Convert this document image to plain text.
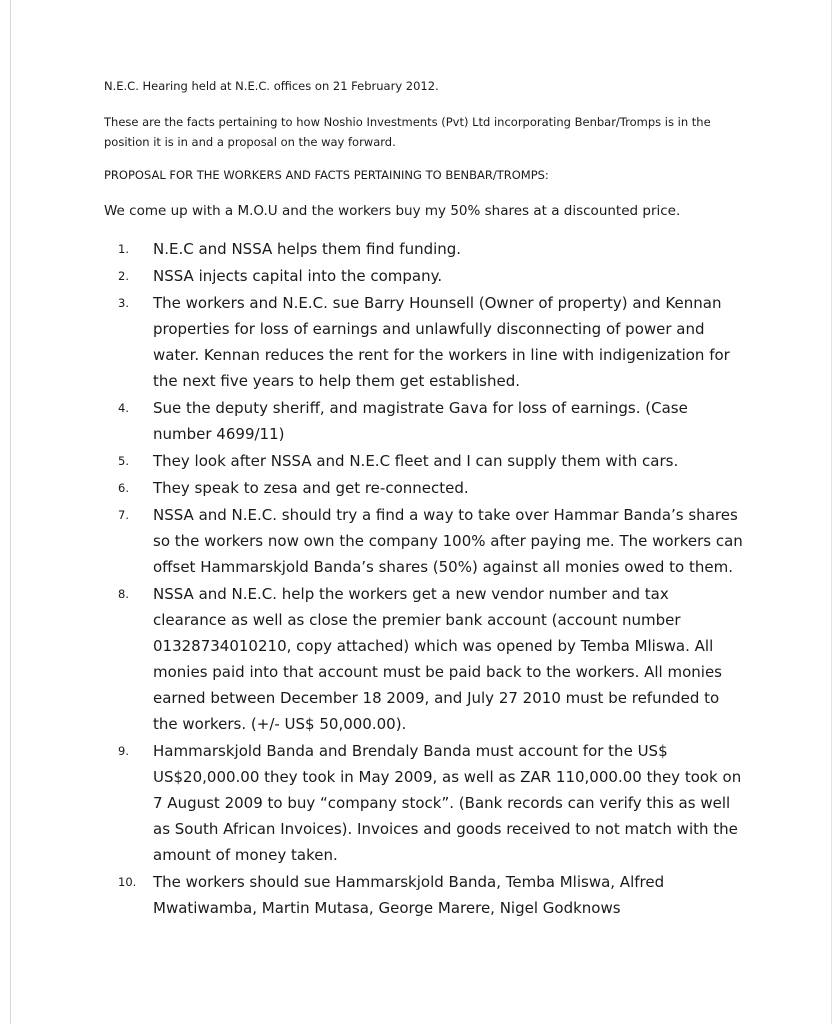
N.E.C. Hearing held at N.E.C. offices on 21 February 2012.

These are the facts pertaining to how Noshio Investments (Pvt) Ltd incorporating Benbar/Tromps is in the position it is in and a proposal on the way forward.

PROPOSAL FOR THE WORKERS AND FACTS PERTAINING TO BENBAR/TROMPS:

We come up with a M.O.U and the workers buy my 50% shares at a discounted price.

1. N.E.C and NSSA helps them find funding.
2. NSSA injects capital into the company.
3. The workers and N.E.C. sue Barry Hounsell (Owner of property) and Kennan properties for loss of earnings and unlawfully disconnecting of power and water. Kennan reduces the rent for the workers in line with indigenization for the next five years to help them get established.
4. Sue the deputy sheriff, and magistrate Gava for loss of earnings. (Case number 4699/11)
5. They look after NSSA and N.E.C fleet and I can supply them with cars.
6. They speak to zesa and get re-connected.
7. NSSA and N.E.C. should try a find a way to take over Hammar Banda’s shares so the workers now own the company 100% after paying me. The workers can offset Hammarskjold Banda’s shares (50%) against all monies owed to them.
8. NSSA and N.E.C. help the workers get a new vendor number and tax clearance as well as close the premier bank account (account number 01328734010210, copy attached) which was opened by Temba Mliswa. All monies paid into that account must be paid back to the workers. All monies earned between December 18 2009, and July 27 2010 must be refunded to the workers. (+/- US$ 50,000.00).
9. Hammarskjold Banda and Brendaly Banda must account for the US$ US$20,000.00 they took in May 2009, as well as ZAR 110,000.00 they took on 7 August 2009 to buy “company stock”. (Bank records can verify this as well as South African Invoices). Invoices and goods received to not match with the amount of money taken.
10. The workers should sue Hammarskjold Banda, Temba Mliswa, Alfred Mwatiwamba, Martin Mutasa, George Marere, Nigel Godknows
